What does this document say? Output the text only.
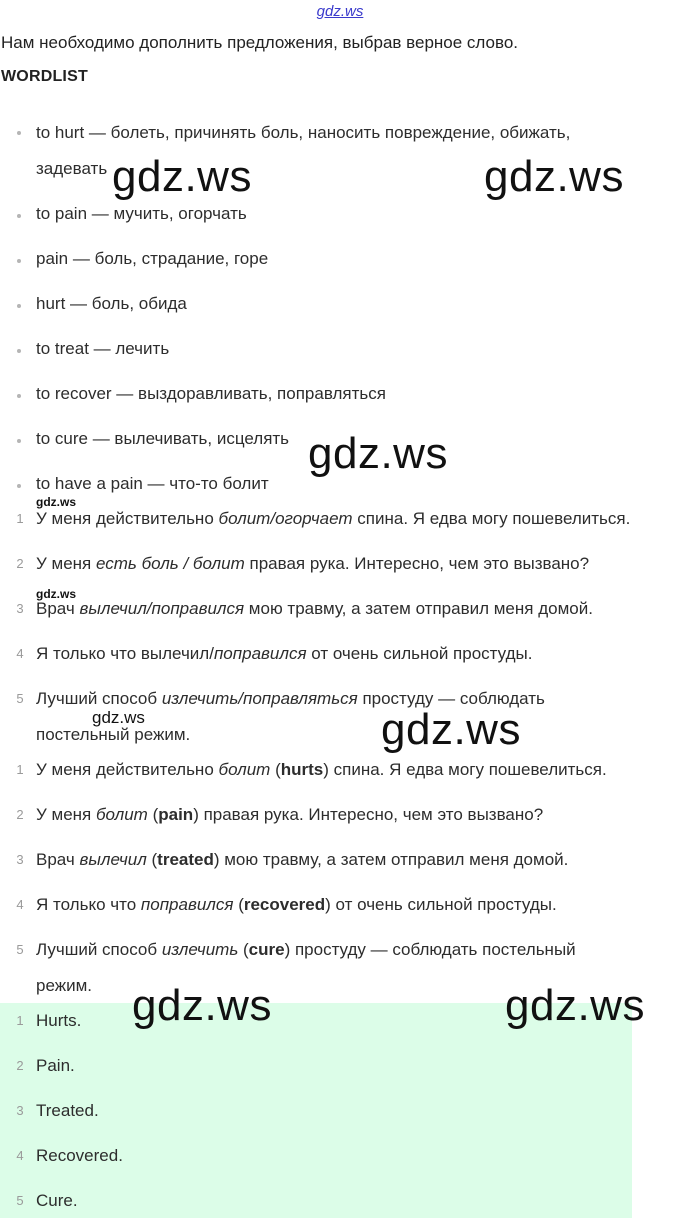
gdz.ws
Нам необходимо дополнить предложения, выбрав верное слово.
WORDLIST
to hurt — болеть, причинять боль, наносить повреждение, обижать,
задевать
to pain — мучить, огорчать
pain — боль, страдание, горе
hurt — боль, обида
to treat — лечить
to recover — выздоравливать, поправляться
to cure — вылечивать, исцелять
to have a pain — что-то болит
1 У меня действительно болит/огорчает спина. Я едва могу пошевелиться.
2 У меня есть боль / болит правая рука. Интересно, чем это вызвано?
3 Врач вылечил/поправился мою травму, а затем отправил меня домой.
4 Я только что вылечил/поправился от очень сильной простуды.
5 Лучший способ излечить/поправляться простуду — соблюдать
постельный режим.
1 У меня действительно болит (hurts) спина. Я едва могу пошевелиться.
2 У меня болит (pain) правая рука. Интересно, чем это вызвано?
3 Врач вылечил (treated) мою травму, а затем отправил меня домой.
4 Я только что поправился (recovered) от очень сильной простуды.
5 Лучший способ излечить (cure) простуду — соблюдать постельный
режим.
1 Hurts.
2 Pain.
3 Treated.
4 Recovered.
5 Cure.
gdz.ws	gdz.ws
gdz.ws
gdz.ws
gdz.ws
gdz.ws	gdz.ws
gdz.ws	gdz.ws
